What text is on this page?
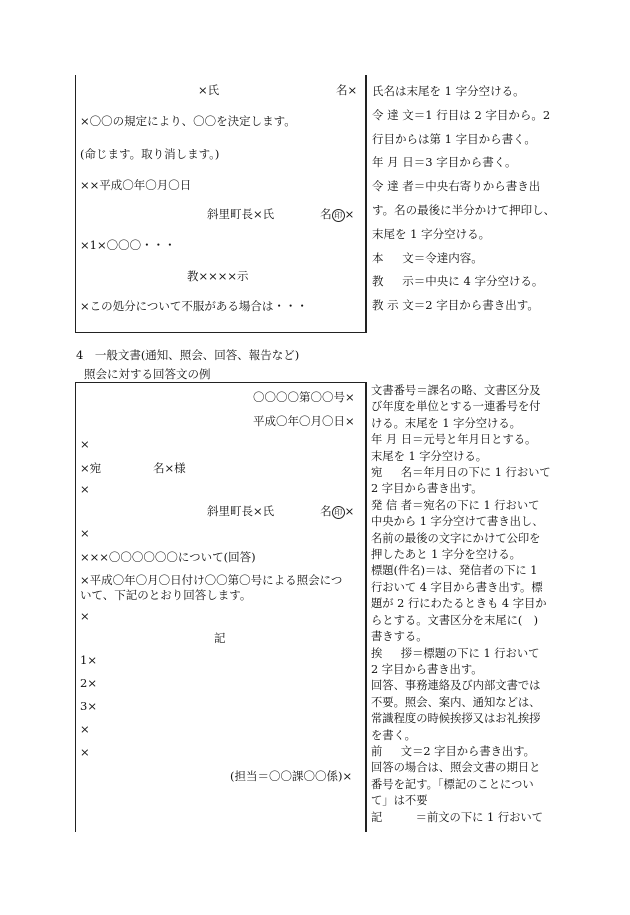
×氏	名×
×〇〇の規定により、〇〇を決定します。
(命じます。取り消します。)
××平成〇年〇月〇日
斜里町長×氏	名 印 ×
×1×〇〇〇・・・
教××××示
×この処分について不服がある場合は・・・
氏名は末尾を 1 字分空ける。
令 達 文＝1 行目は 2 字目から。2
行目からは第 1 字目から書く。
年 月 日＝3 字目から書く。
令 達 者＝中央右寄りから書き出
す。名の最後に半分かけて押印し、
末尾を 1 字分空ける。
本 　 文＝令達内容。
教 　 示＝中央に 4 字分空ける。
教 示 文＝2 字目から書き出す。
4　一般文書(通知、照会、回答、報告など)
照会に対する回答文の例
〇〇〇〇第〇〇号×
平成〇年〇月〇日×
×
×宛	名×様
×
斜里町長×氏	名 印 ×
×
×××〇〇〇〇〇〇について(回答)
×平成〇年〇月〇日付け〇〇第〇号による照会につ
いて、下記のとおり回答します。
×
記
1×
2×
3×
×
×
(担当＝〇〇課〇〇係)×
文書番号＝課名の略、文書区分及
び年度を単位とする一連番号を付
ける。末尾を 1 字分空ける。
年 月 日＝元号と年月日とする。
末尾を 1 字分空ける。
宛 　 名＝年月日の下に 1 行おいて
2 字目から書き出す。
発 信 者＝宛名の下に 1 行おいて
中央から 1 字分空けて書き出し、
名前の最後の文字にかけて公印を
押したあと 1 字分を空ける。
標題(件名)＝は、発信者の下に 1
行おいて 4 字目から書き出す。標
題が 2 行にわたるときも 4 字目か
らとする。文書区分を末尾に(　)
書きする。
挨 　 拶＝標題の下に 1 行おいて
2 字目から書き出す。
回答、事務連絡及び内部文書では
不要。照会、案内、通知などは、
常識程度の時候挨拶又はお礼挨拶
を書く。
前 　 文＝2 字目から書き出す。
回答の場合は、照会文書の期日と
番号を記す。「標記のことについ
て」は不要
記 　 　 ＝前文の下に 1 行おいて
